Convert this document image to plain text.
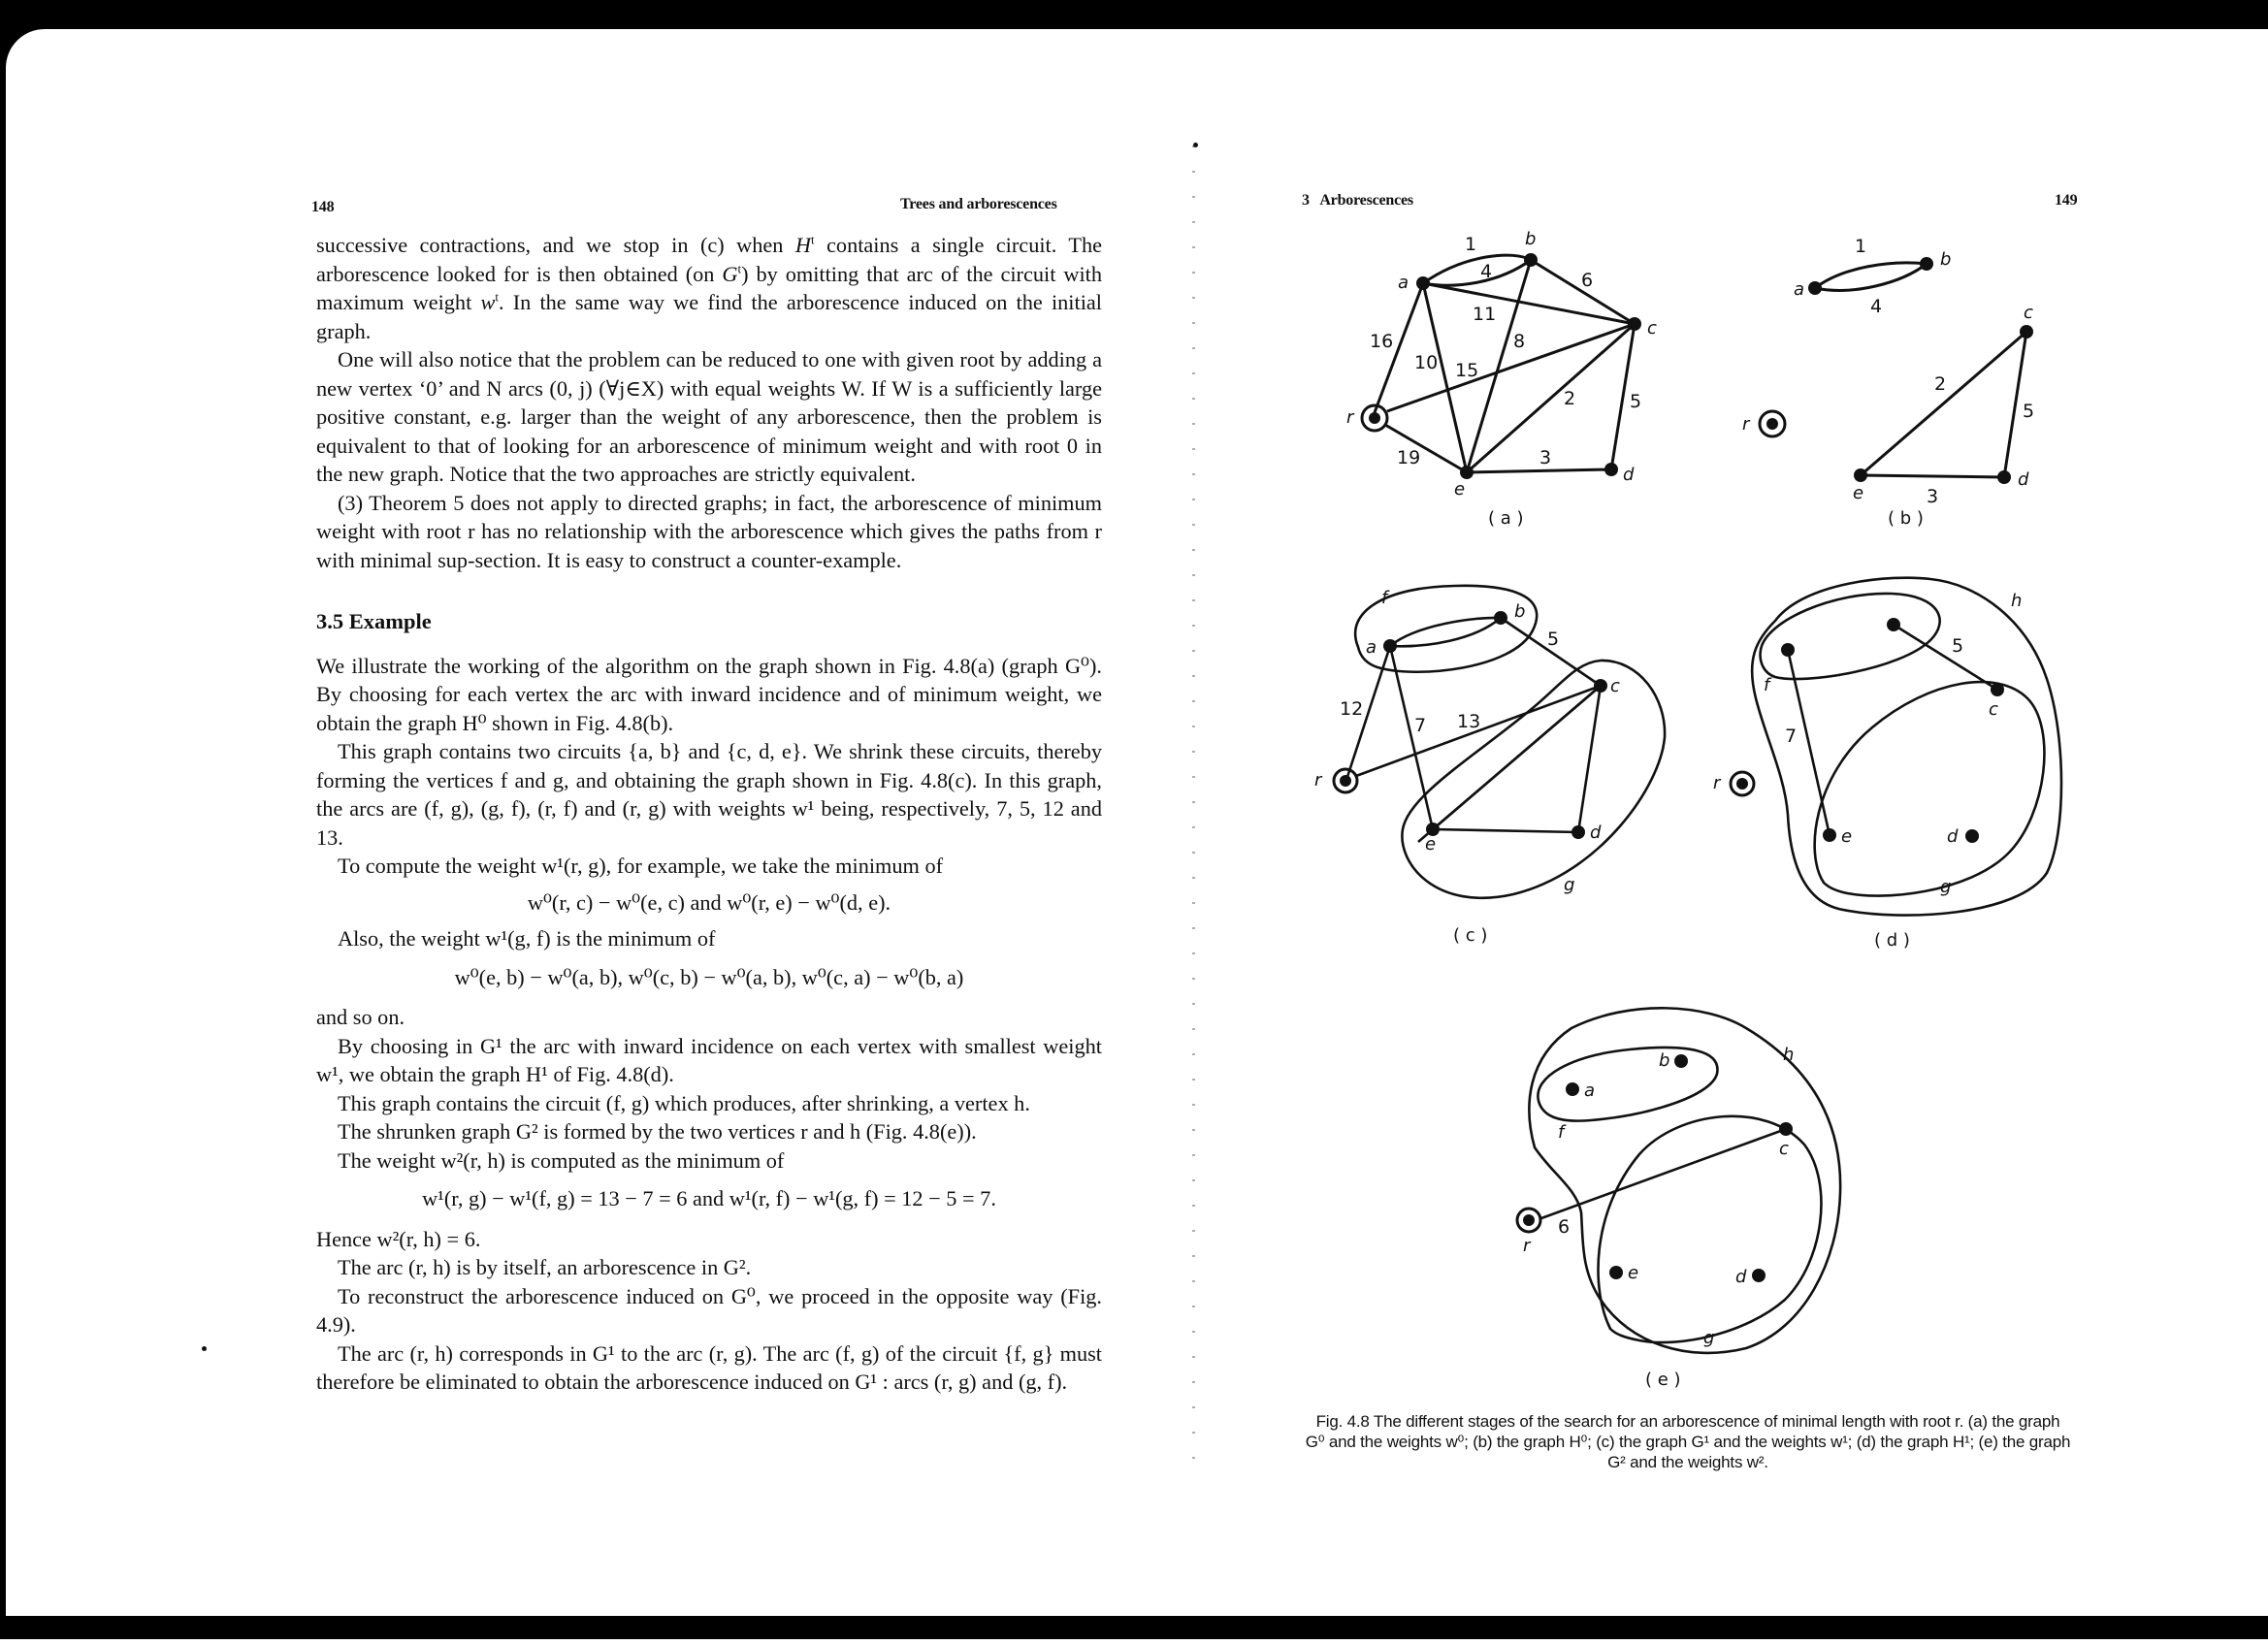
148	Trees and arborescences

successive contractions, and we stop in (c) when $H^t$ contains a single circuit. The arborescence looked for is then obtained (on $G^t$) by omitting that arc of the circuit with maximum weight $w^t$. In the same way we find the arborescence induced on the initial graph.

One will also notice that the problem can be reduced to one with given root by adding a new vertex ‘0’ and N arcs (0, j) (∀j∈X) with equal weights W. If W is a sufficiently large positive constant, e.g. larger than the weight of any arborescence, then the problem is equivalent to that of looking for an arborescence of minimum weight and with root 0 in the new graph. Notice that the two approaches are strictly equivalent.

(3) Theorem 5 does not apply to directed graphs; in fact, the arborescence of minimum weight with root r has no relationship with the arborescence which gives the paths from r with minimal sup-section. It is easy to construct a counter-example.

3.5 Example

We illustrate the working of the algorithm on the graph shown in Fig. 4.8(a) (graph G⁰). By choosing for each vertex the arc with inward incidence and of minimum weight, we obtain the graph H⁰ shown in Fig. 4.8(b).

This graph contains two circuits {a, b} and {c, d, e}. We shrink these circuits, thereby forming the vertices f and g, and obtaining the graph shown in Fig. 4.8(c). In this graph, the arcs are (f, g), (g, f), (r, f) and (r, g) with weights w¹ being, respectively, 7, 5, 12 and 13.

To compute the weight w¹(r, g), for example, we take the minimum of

w⁰(r, c) − w⁰(e, c) and w⁰(r, e) − w⁰(d, e).

Also, the weight w¹(g, f) is the minimum of

w⁰(e, b) − w⁰(a, b), w⁰(c, b) − w⁰(a, b), w⁰(c, a) − w⁰(b, a)

and so on.

By choosing in G¹ the arc with inward incidence on each vertex with smallest weight w¹, we obtain the graph H¹ of Fig. 4.8(d).

This graph contains the circuit (f, g) which produces, after shrinking, a vertex h.

The shrunken graph G² is formed by the two vertices r and h (Fig. 4.8(e)).

The weight w²(r, h) is computed as the minimum of

w¹(r, g) − w¹(f, g) = 13 − 7 = 6 and w¹(r, f) − w¹(g, f) = 12 − 5 = 7.

Hence w²(r, h) = 6.

The arc (r, h) is by itself, an arborescence in G².

To reconstruct the arborescence induced on G⁰, we proceed in the opposite way (Fig. 4.9).

The arc (r, h) corresponds in G¹ to the arc (r, g). The arc (f, g) of the circuit {f, g} must therefore be eliminated to obtain the arborescence induced on G¹ : arcs (r, g) and (g, f).

3   Arborescences	149
a
b
c
d
e
r
1
4	6
11
8
16
10 15
2	5
19	3
( a )
a
b
c
d
e
r
1
4
2
5
3
( b )
a
b
c
d
e
r
f
g
5
12
7 13
( c )
c
d
e
r
f
g
h
5
7
( d )
a
b
c
d
e
r
f
g
h
6
( e )
Fig. 4.8 The different stages of the search for an arborescence of minimal length with root r. (a) the graph G⁰ and the weights w⁰; (b) the graph H⁰; (c) the graph G¹ and the weights w¹; (d) the graph H¹; (e) the graph G² and the weights w².
